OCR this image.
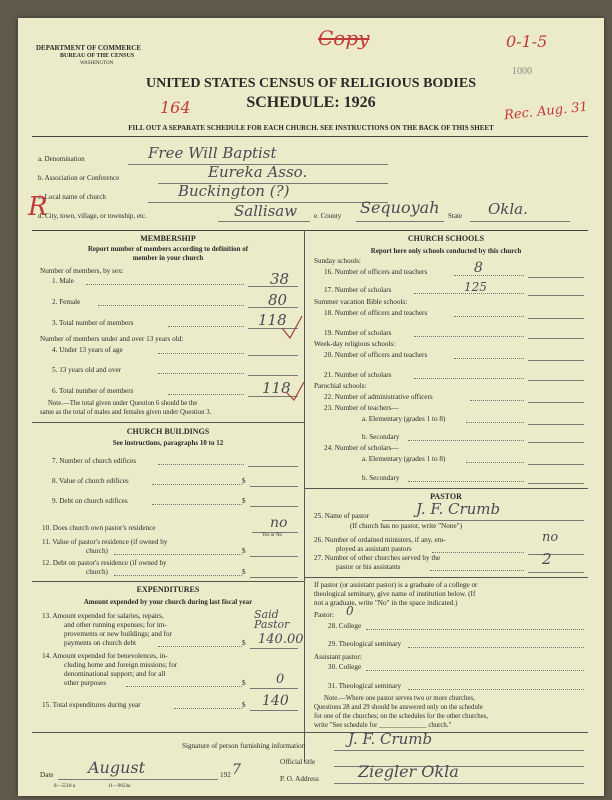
DEPARTMENT OF COMMERCE
BUREAU OF THE CENSUS
WASHINGTON
Copy	0-1-5
1000
UNITED STATES CENSUS OF RELIGIOUS BODIES
SCHEDULE: 1926
164	Rec. Aug. 31
FILL OUT A SEPARATE SCHEDULE FOR EACH CHURCH. SEE INSTRUCTIONS ON THE BACK OF THIS SHEET
a. Denomination	Free Will Baptist
b. Association or Conference	Eureka Asso.
c. Local name of church	Buckington (?)
R
d. City, town, village, or township, etc.	Sallisaw e. County Sequoyah State Okla.
MEMBERSHIP
Report number of members according to definition of
member in your church
Number of members, by sex:
1. Male	38
2. Female	80
3. Total number of members	118
Number of members under and over 13 years old:
4. Under 13 years of age
5. 13 years old and over
6. Total number of members	118
Note.—The total given under Question 6 should be the
same as the total of males and females given under Question 3.
CHURCH BUILDINGS
See instructions, paragraphs 10 to 12
7. Number of church edifices
8. Value of church edifices	$
9. Debt on church edifices	$
10. Does church own pastor's residence
Yes or No
no
11. Value of pastor's residence (if owned by
church)	$
12. Debt on pastor's residence (if owned by
church)	$
EXPENDITURES
Amount expended by your church during last fiscal year
13. Amount expended for salaries, repairs,
and other running expenses; for im-
provements or new buildings; and for
payments on church debt	$
Said Pastor
140.00
14. Amount expended for benevolences, in-
cluding home and foreign missions; for
denominational support; and for all
other purposes	$ 0
15. Total expenditures during year	$ 140
CHURCH SCHOOLS
Report here only schools conducted by this church
Sunday schools:
16. Number of officers and teachers	8
17. Number of scholars	125
Summer vacation Bible schools:
18. Number of officers and teachers
19. Number of scholars
Week-day religious schools:
20. Number of officers and teachers
21. Number of scholars
Parochial schools:
22. Number of administrative officers
23. Number of teachers—
a. Elementary (grades 1 to 8)
b. Secondary
24. Number of scholars—
a. Elementary (grades 1 to 8)
b. Secondary
PASTOR
25. Name of pastor	J. F. Crumb
(If church has no pastor, write "None")
26. Number of ordained ministers, if any, em-
ployed as assistant pastors
no
27. Number of other churches served by the
pastor or his assistants	2
If pastor (or assistant pastor) is a graduate of a college or
theological seminary, give name of institution below. (If
not a graduate, write "No" in the space indicated.)
Pastor: 0
28. College
29. Theological seminary
Assistant pastor:
30. College
31. Theological seminary
Note.—Where one pastor serves two or more churches,
Questions 28 and 29 should be answered only on the schedule
for one of the churches; on the schedules for the other churches,
write "See schedule for ______________ church."
Signature of person furnishing information	J. F. Crumb
Official title
Date August	192 7
P. O. Address Ziegler Okla
8—5518 a	11—9054a
